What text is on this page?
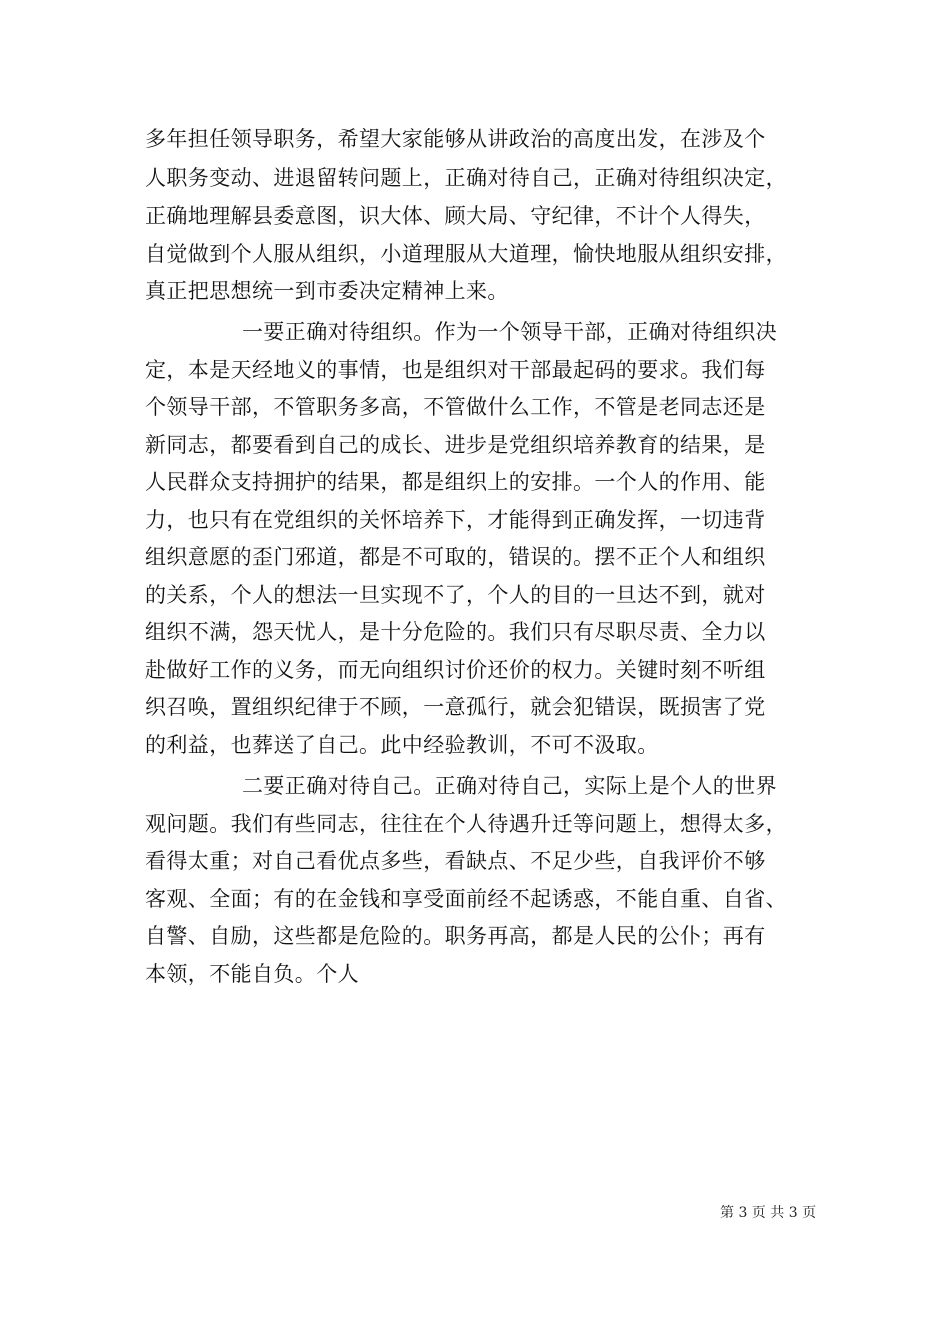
多年担任领导职务，希望大家能够从讲政治的高度出发，在涉及个
人职务变动、进退留转问题上，正确对待自己，正确对待组织决定，
正确地理解县委意图，识大体、顾大局、守纪律，不计个人得失，
自觉做到个人服从组织，小道理服从大道理，愉快地服从组织安排，
真正把思想统一到市委决定精神上来。
一要正确对待组织。作为一个领导干部，正确对待组织决
定，本是天经地义的事情，也是组织对干部最起码的要求。我们每
个领导干部，不管职务多高，不管做什么工作，不管是老同志还是
新同志，都要看到自己的成长、进步是党组织培养教育的结果，是
人民群众支持拥护的结果，都是组织上的安排。一个人的作用、能
力，也只有在党组织的关怀培养下，才能得到正确发挥，一切违背
组织意愿的歪门邪道，都是不可取的，错误的。摆不正个人和组织
的关系，个人的想法一旦实现不了，个人的目的一旦达不到，就对
组织不满，怨天忧人，是十分危险的。我们只有尽职尽责、全力以
赴做好工作的义务，而无向组织讨价还价的权力。关键时刻不听组
织召唤，置组织纪律于不顾，一意孤行，就会犯错误，既损害了党
的利益，也葬送了自己。此中经验教训，不可不汲取。
二要正确对待自己。正确对待自己，实际上是个人的世界
观问题。我们有些同志，往往在个人待遇升迁等问题上，想得太多，
看得太重；对自己看优点多些，看缺点、不足少些，自我评价不够
客观、全面；有的在金钱和享受面前经不起诱惑，不能自重、自省、
自警、自励，这些都是危险的。职务再高，都是人民的公仆；再有
本领，不能自负。个人
第 3 页 共 3 页
